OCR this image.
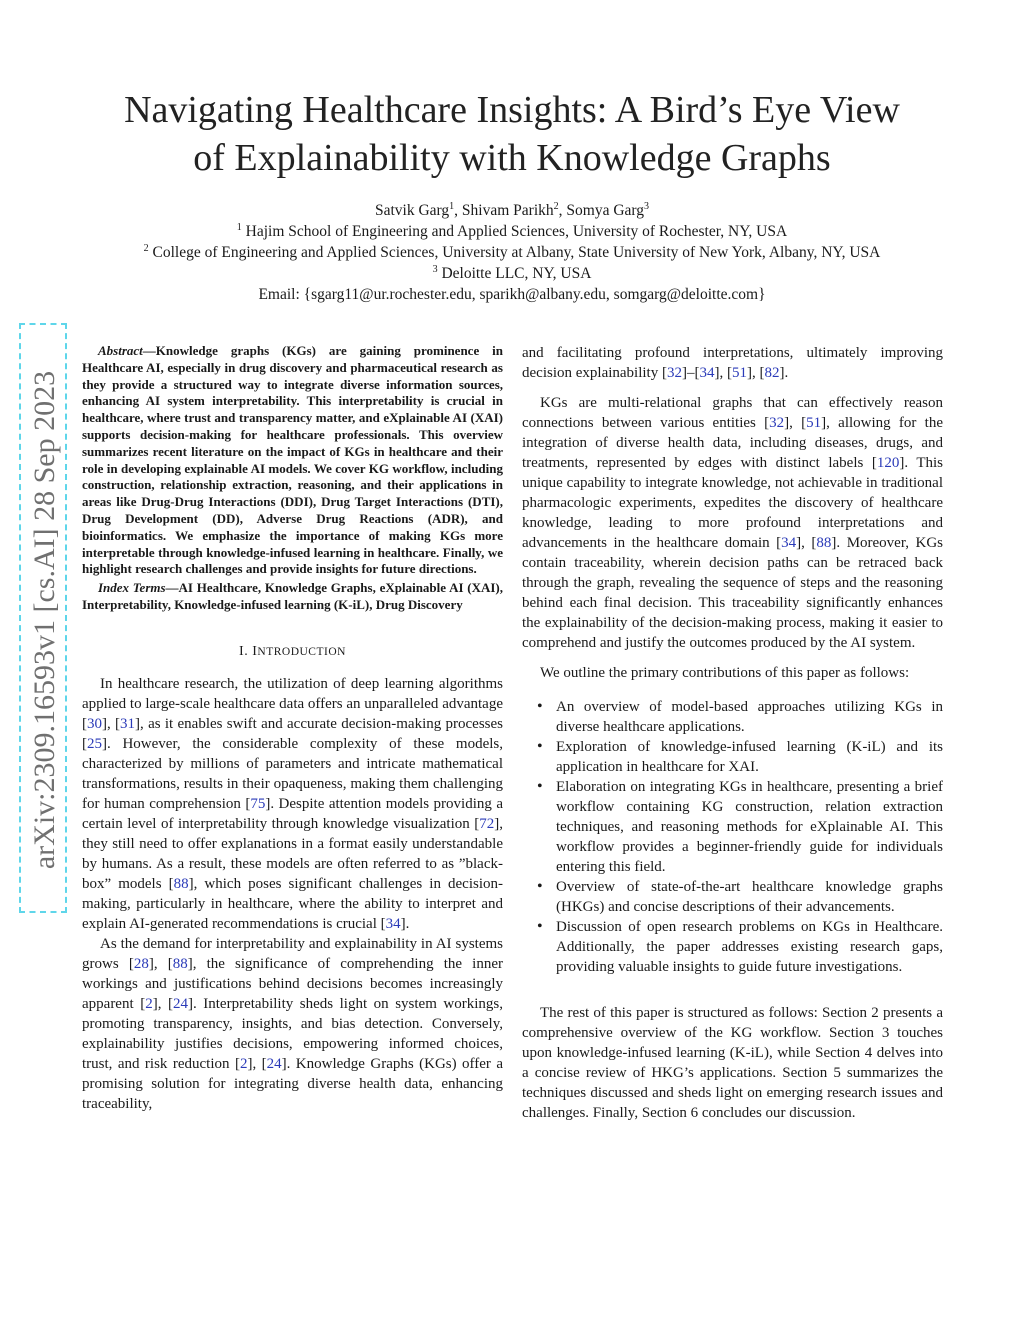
Navigating Healthcare Insights: A Bird’s Eye View
of Explainability with Knowledge Graphs
Satvik Garg$^1$, Shivam Parikh$^2$, Somya Garg$^3$
$^1$ Hajim School of Engineering and Applied Sciences, University of Rochester, NY, USA
$^2$ College of Engineering and Applied Sciences, University at Albany, State University of New York, Albany, NY, USA
$^3$ Deloitte LLC, NY, USA
Email: {sgarg11@ur.rochester.edu, sparikh@albany.edu, somgarg@deloitte.com}
arXiv:2309.16593v1 [cs.AI] 28 Sep 2023

Abstract—Knowledge graphs (KGs) are gaining prominence in Healthcare AI, especially in drug discovery and pharmaceutical research as they provide a structured way to integrate diverse information sources, enhancing AI system interpretability. This interpretability is crucial in healthcare, where trust and transparency matter, and eXplainable AI (XAI) supports decision-making for healthcare professionals. This overview summarizes recent literature on the impact of KGs in healthcare and their role in developing explainable AI models. We cover KG workflow, including construction, relationship extraction, reasoning, and their applications in areas like Drug-Drug Interactions (DDI), Drug Target Interactions (DTI), Drug Development (DD), Adverse Drug Reactions (ADR), and bioinformatics. We emphasize the importance of making KGs more interpretable through knowledge-infused learning in healthcare. Finally, we highlight research challenges and provide insights for future directions.

Index Terms—AI Healthcare, Knowledge Graphs, eXplainable AI (XAI), Interpretability, Knowledge-infused learning (K-iL), Drug Discovery

I. INTRODUCTION

In healthcare research, the utilization of deep learning algorithms applied to large-scale healthcare data offers an unparalleled advantage [30], [31], as it enables swift and accurate decision-making processes [25]. However, the considerable complexity of these models, characterized by millions of parameters and intricate mathematical transformations, results in their opaqueness, making them challenging for human comprehension [75]. Despite attention models providing a certain level of interpretability through knowledge visualization [72], they still need to offer explanations in a format easily understandable by humans. As a result, these models are often referred to as ”black-box” models [88], which poses significant challenges in decision-making, particularly in healthcare, where the ability to interpret and explain AI-generated recommendations is crucial [34].

As the demand for interpretability and explainability in AI systems grows [28], [88], the significance of comprehending the inner workings and justifications behind decisions becomes increasingly apparent [2], [24]. Interpretability sheds light on system workings, promoting transparency, insights, and bias detection. Conversely, explainability justifies decisions, empowering informed choices, trust, and risk reduction [2], [24]. Knowledge Graphs (KGs) offer a promising solution for integrating diverse health data, enhancing traceability,

and facilitating profound interpretations, ultimately improving decision explainability [32]–[34], [51], [82].

KGs are multi-relational graphs that can effectively reason connections between various entities [32], [51], allowing for the integration of diverse health data, including diseases, drugs, and treatments, represented by edges with distinct labels [120]. This unique capability to integrate knowledge, not achievable in traditional pharmacologic experiments, expedites the discovery of healthcare knowledge, leading to more profound interpretations and advancements in the healthcare domain [34], [88]. Moreover, KGs contain traceability, wherein decision paths can be retraced back through the graph, revealing the sequence of steps and the reasoning behind each final decision. This traceability significantly enhances the explainability of the decision-making process, making it easier to comprehend and justify the outcomes produced by the AI system.

We outline the primary contributions of this paper as follows:

• An overview of model-based approaches utilizing KGs in diverse healthcare applications.
• Exploration of knowledge-infused learning (K-iL) and its application in healthcare for XAI.
• Elaboration on integrating KGs in healthcare, presenting a brief workflow containing KG construction, relation extraction techniques, and reasoning methods for eXplainable AI. This workflow provides a beginner-friendly guide for individuals entering this field.
• Overview of state-of-the-art healthcare knowledge graphs (HKGs) and concise descriptions of their advancements.
• Discussion of open research problems on KGs in Healthcare. Additionally, the paper addresses existing research gaps, providing valuable insights to guide future investigations.

The rest of this paper is structured as follows: Section 2 presents a comprehensive overview of the KG workflow. Section 3 touches upon knowledge-infused learning (K-iL), while Section 4 delves into a concise review of HKG’s applications. Section 5 summarizes the techniques discussed and sheds light on emerging research issues and challenges. Finally, Section 6 concludes our discussion.
